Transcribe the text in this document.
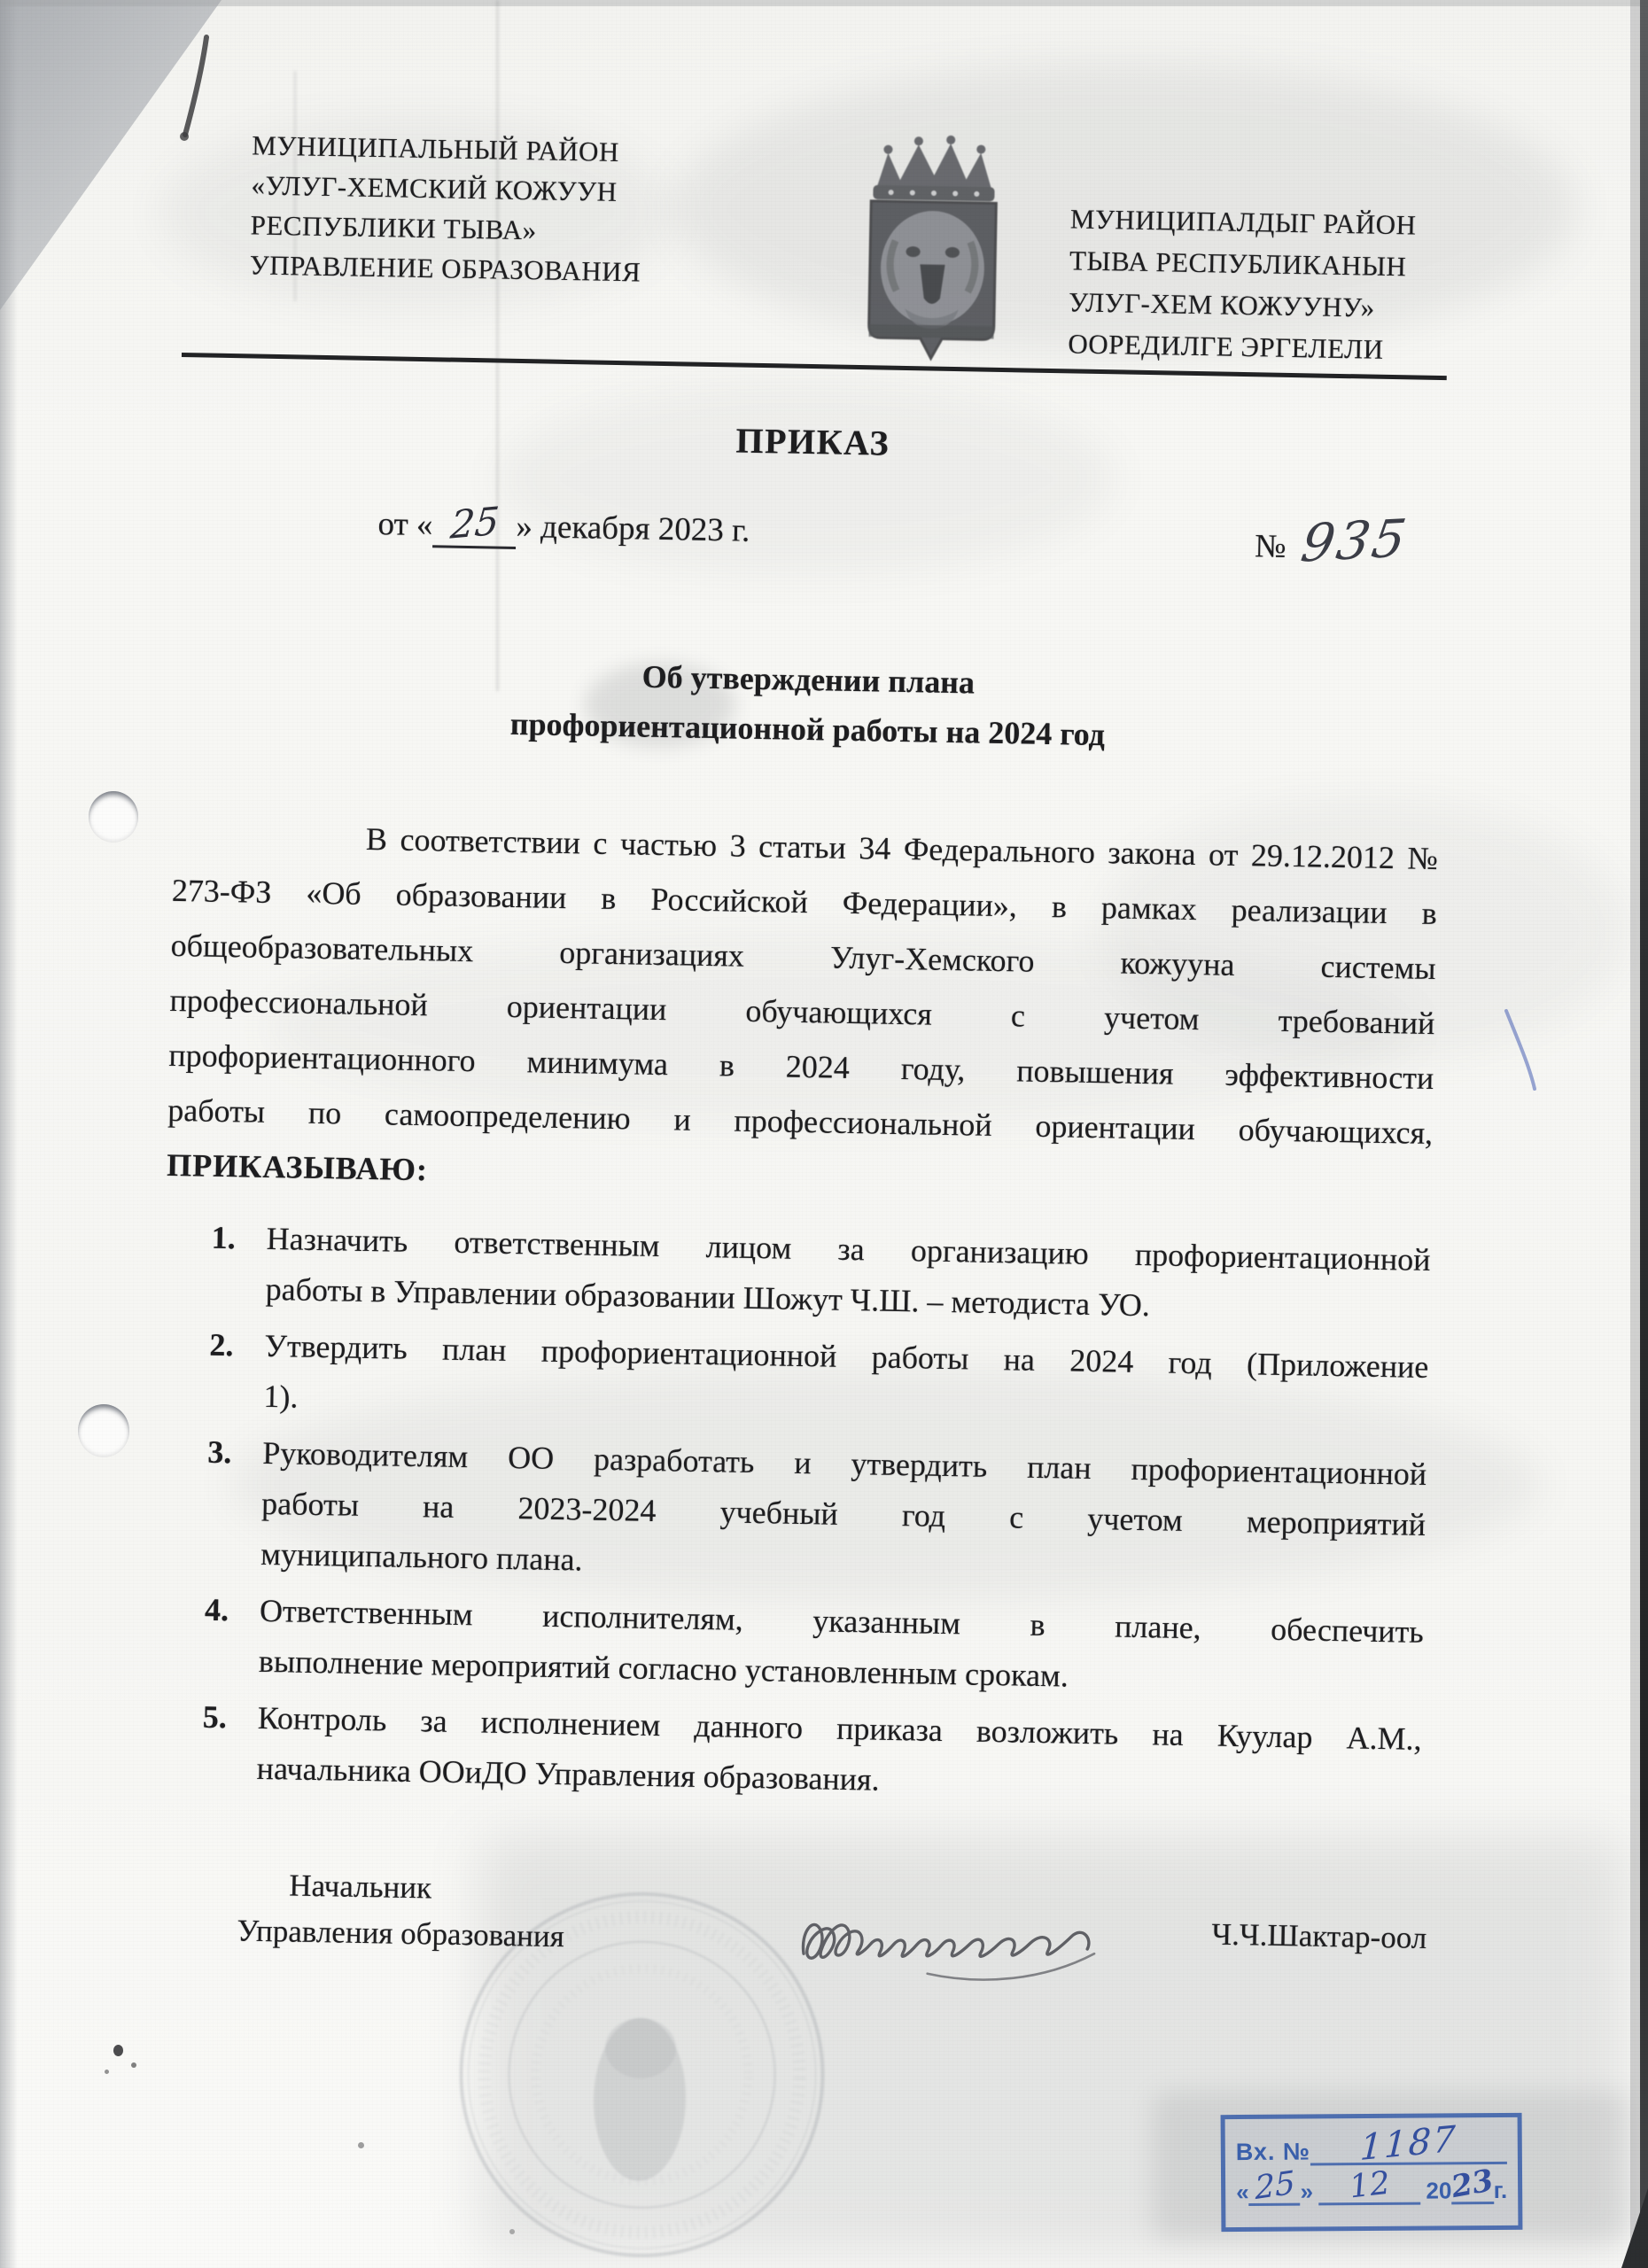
МУНИЦИПАЛЬНЫЙ РАЙОН
«УЛУГ-ХЕМСКИЙ КОЖУУН
РЕСПУБЛИКИ ТЫВА»
УПРАВЛЕНИЕ ОБРАЗОВАНИЯ
МУНИЦИПАЛДЫГ РАЙОН
ТЫВА РЕСПУБЛИКАНЫН
УЛУГ-ХЕМ КОЖУУНУ»
ООРЕДИЛГЕ ЭРГЕЛЕЛИ
ПРИКАЗ
от « 25 » декабря 2023 г.	№ 935
Об утверждении плана
профориентационной работы на 2024 год
В соответствии с частью 3 статьи 34 Федерального закона от 29.12.2012 №
273-ФЗ «Об образовании в Российской Федерации», в рамках реализации в
общеобразовательных организациях Улуг-Хемского кожууна системы
профессиональной ориентации обучающихся с учетом требований
профориентационного минимума в 2024 году, повышения эффективности
работы по самоопределению и профессиональной ориентации обучающихся,
ПРИКАЗЫВАЮ:
1. Назначить ответственным лицом за организацию профориентационной
работы в Управлении образовании Шожут Ч.Ш. – методиста УО.
2. Утвердить план профориентационной работы на 2024 год (Приложение
1).
3. Руководителям ОО разработать и утвердить план профориентационной
работы на 2023-2024 учебный год с учетом мероприятий
муниципального плана.
4. Ответственным исполнителям, указанным в плане, обеспечить
выполнение мероприятий согласно установленным срокам.
5. Контроль за исполнением данного приказа возложить на Куулар А.М.,
начальника ООиДО Управления образования.
Начальник
Управления образования	Ч.Ч.Шактар-оол
Вх. №	1187
« 25 »	12	2023г.
